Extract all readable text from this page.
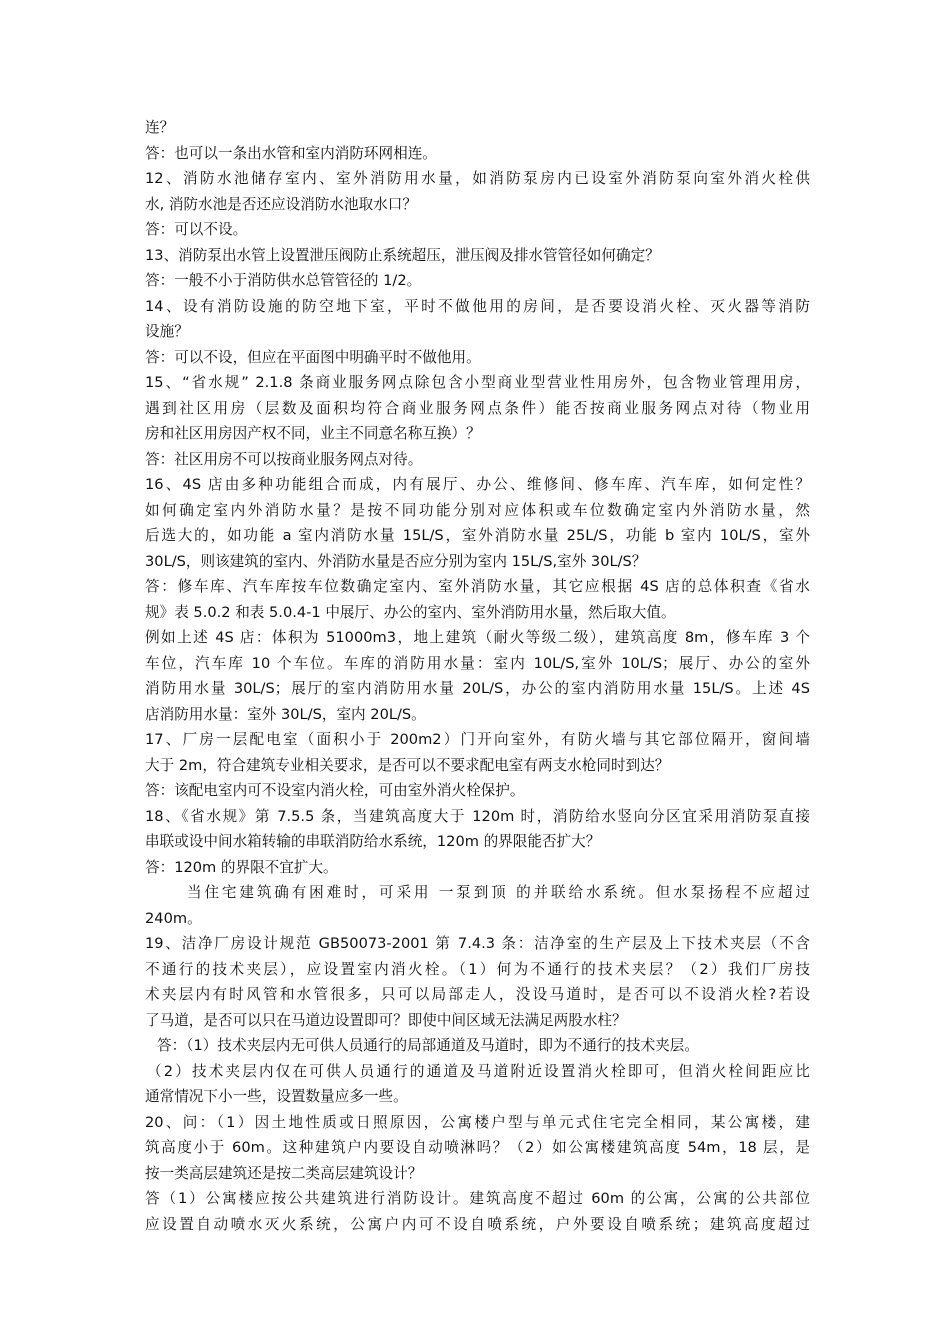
连？
答：也可以一条出水管和室内消防环网相连。
12、消防水池储存室内、室外消防用水量，如消防泵房内已设室外消防泵向室外消火栓供
水, 消防水池是否还应设消防水池取水口？
答：可以不设。
13、消防泵出水管上设置泄压阀防止系统超压，泄压阀及排水管管径如何确定？
答：一般不小于消防供水总管管径的 1/2。
14、设有消防设施的防空地下室，平时不做他用的房间，是否要设消火栓、灭火器等消防
设施？
答：可以不设，但应在平面图中明确平时不做他用。
15、“省水规” 2.1.8 条商业服务网点除包含小型商业型营业性用房外，包含物业管理用房，
遇到社区用房（层数及面积均符合商业服务网点条件）能否按商业服务网点对待（物业用
房和社区用房因产权不同，业主不同意名称互换）？
答：社区用房不可以按商业服务网点对待。
16、4S 店由多种功能组合而成，内有展厅、办公、维修间、修车库、汽车库，如何定性？
如何确定室内外消防水量？是按不同功能分别对应体积或车位数确定室内外消防水量，然
后选大的，如功能 a 室内消防水量 15L/S，室外消防水量 25L/S，功能 b 室内 10L/S，室外
30L/S，则该建筑的室内、外消防水量是否应分别为室内 15L/S,室外 30L/S？
答：修车库、汽车库按车位数确定室内、室外消防水量，其它应根据 4S 店的总体积查《省水
规》表 5.0.2 和表 5.0.4-1 中展厅、办公的室内、室外消防用水量，然后取大值。
例如上述 4S 店：体积为 51000m3，地上建筑（耐火等级二级），建筑高度 8m，修车库 3 个
车位，汽车库 10 个车位。车库的消防用水量：室内 10L/S,室外 10L/S；展厅、办公的室外
消防用水量 30L/S；展厅的室内消防用水量 20L/S，办公的室内消防用水量 15L/S。上述 4S
店消防用水量：室外 30L/S，室内 20L/S。
17、厂房一层配电室（面积小于 200m2）门开向室外，有防火墙与其它部位隔开，窗间墙
大于 2m，符合建筑专业相关要求，是否可以不要求配电室有两支水枪同时到达？
答：该配电室内可不设室内消火栓，可由室外消火栓保护。
18、《省水规》第 7.5.5 条，当建筑高度大于 120m 时，消防给水竖向分区宜采用消防泵直接
串联或设中间水箱转输的串联消防给水系统，120m 的界限能否扩大？
答：120m 的界限不宜扩大。
当住宅建筑确有困难时，可采用 一泵到顶 的并联给水系统。但水泵扬程不应超过
240m。
19、洁净厂房设计规范 GB50073-2001 第 7.4.3 条：洁净室的生产层及上下技术夹层（不含
不通行的技术夹层），应设置室内消火栓。（1）何为不通行的技术夹层？（2）我们厂房技
术夹层内有时风管和水管很多，只可以局部走人，没设马道时，是否可以不设消火栓?若设
了马道，是否可以只在马道边设置即可？即使中间区域无法满足两股水柱？
答：（1）技术夹层内无可供人员通行的局部通道及马道时，即为不通行的技术夹层。
（2）技术夹层内仅在可供人员通行的通道及马道附近设置消火栓即可，但消火栓间距应比
通常情况下小一些，设置数量应多一些。
20、问：（1）因土地性质或日照原因，公寓楼户型与单元式住宅完全相同，某公寓楼，建
筑高度小于 60m。这种建筑户内要设自动喷淋吗？（2）如公寓楼建筑高度 54m，18 层，是
按一类高层建筑还是按二类高层建筑设计？
答（1）公寓楼应按公共建筑进行消防设计。建筑高度不超过 60m 的公寓，公寓的公共部位
应设置自动喷水灭火系统，公寓户内可不设自喷系统，户外要设自喷系统；建筑高度超过
